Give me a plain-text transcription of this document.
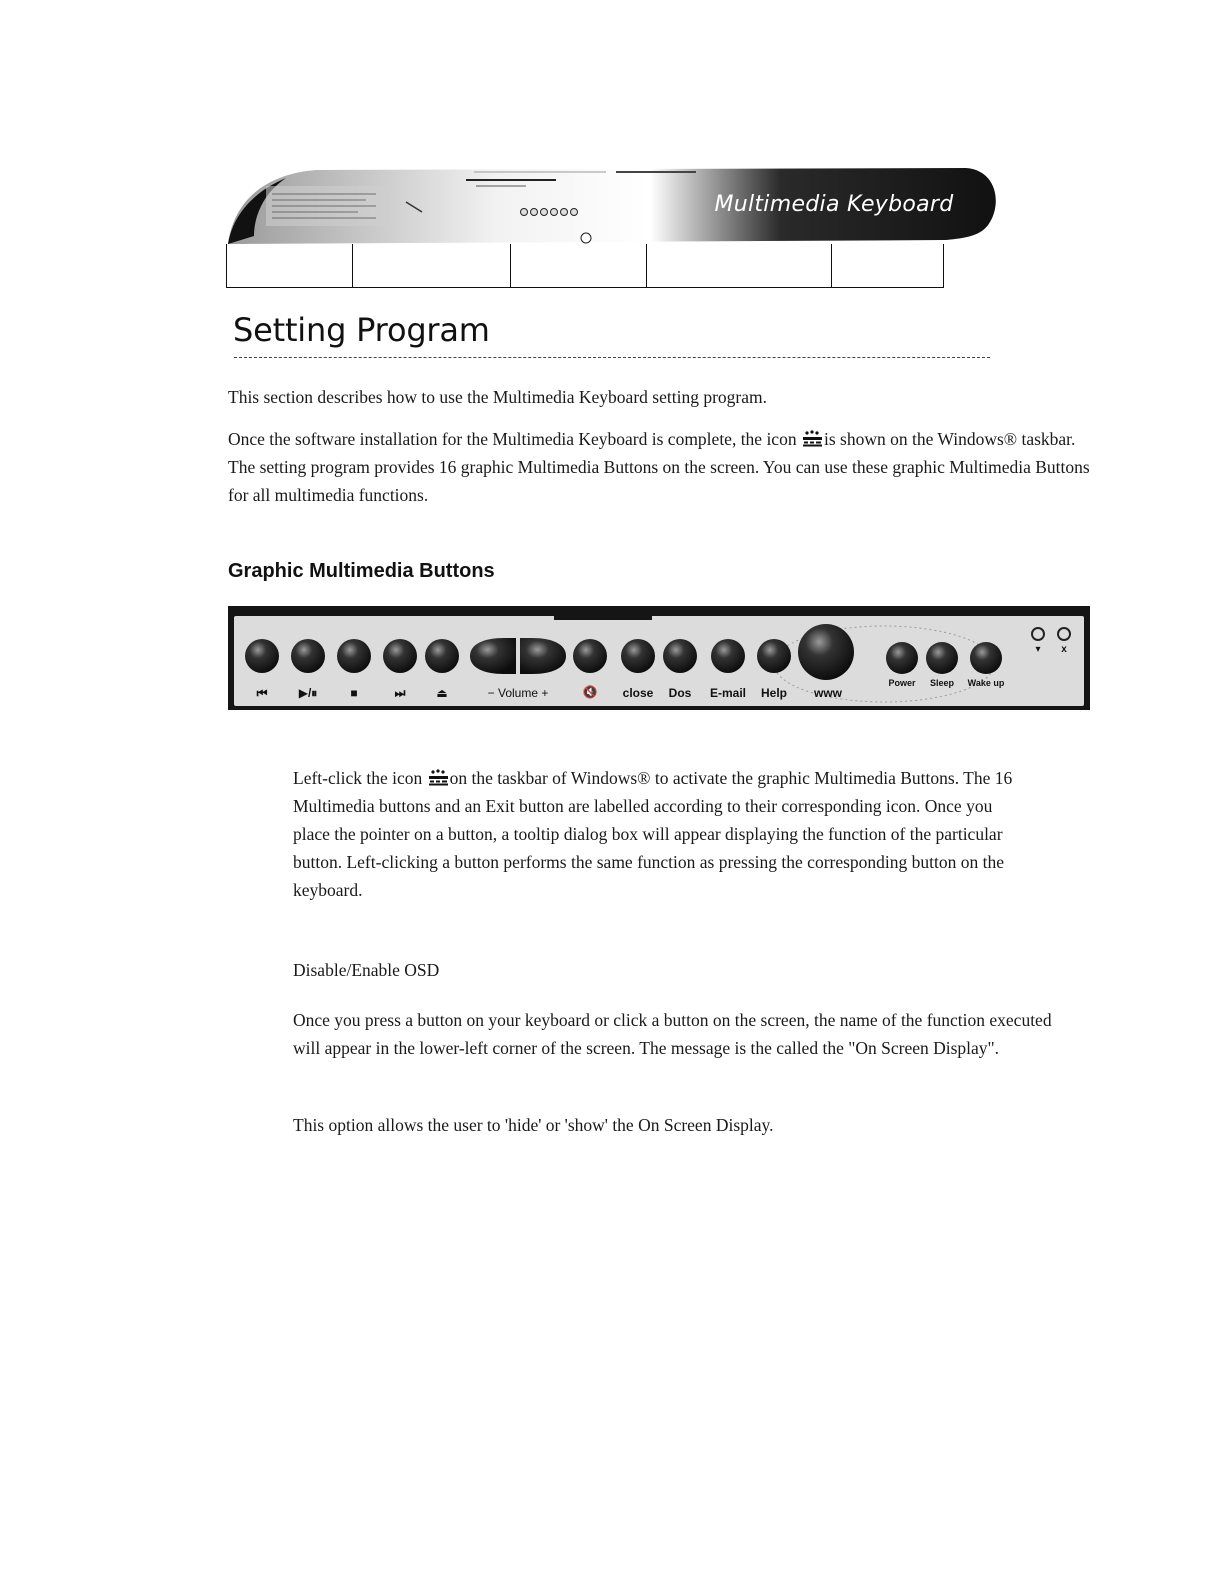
Multimedia Keyboard
Setting Program

This section describes how to use the Multimedia Keyboard setting program.

Once the software installation for the Multimedia Keyboard is complete, the icon is shown on the Windows® taskbar. The setting program provides 16 graphic Multimedia Buttons on the screen. You can use these graphic Multimedia Buttons for all multimedia functions.

Graphic Multimedia Buttons
⏮	▶/⏸	■	⏭	⏏	− Volume +	🔇 close Dos E-mail Help www
Power Sleep Wake up
▾ x

Left-click the icon on the taskbar of Windows® to activate the graphic Multimedia Buttons. The 16 Multimedia buttons and an Exit button are labelled according to their corresponding icon. Once you place the pointer on a button, a tooltip dialog box will appear displaying the function of the particular button. Left-clicking a button performs the same function as pressing the corresponding button on the keyboard.

Disable/Enable OSD

Once you press a button on your keyboard or click a button on the screen, the name of the function executed will appear in the lower-left corner of the screen. The message is the called the "On Screen Display".

This option allows the user to 'hide' or 'show' the On Screen Display.
